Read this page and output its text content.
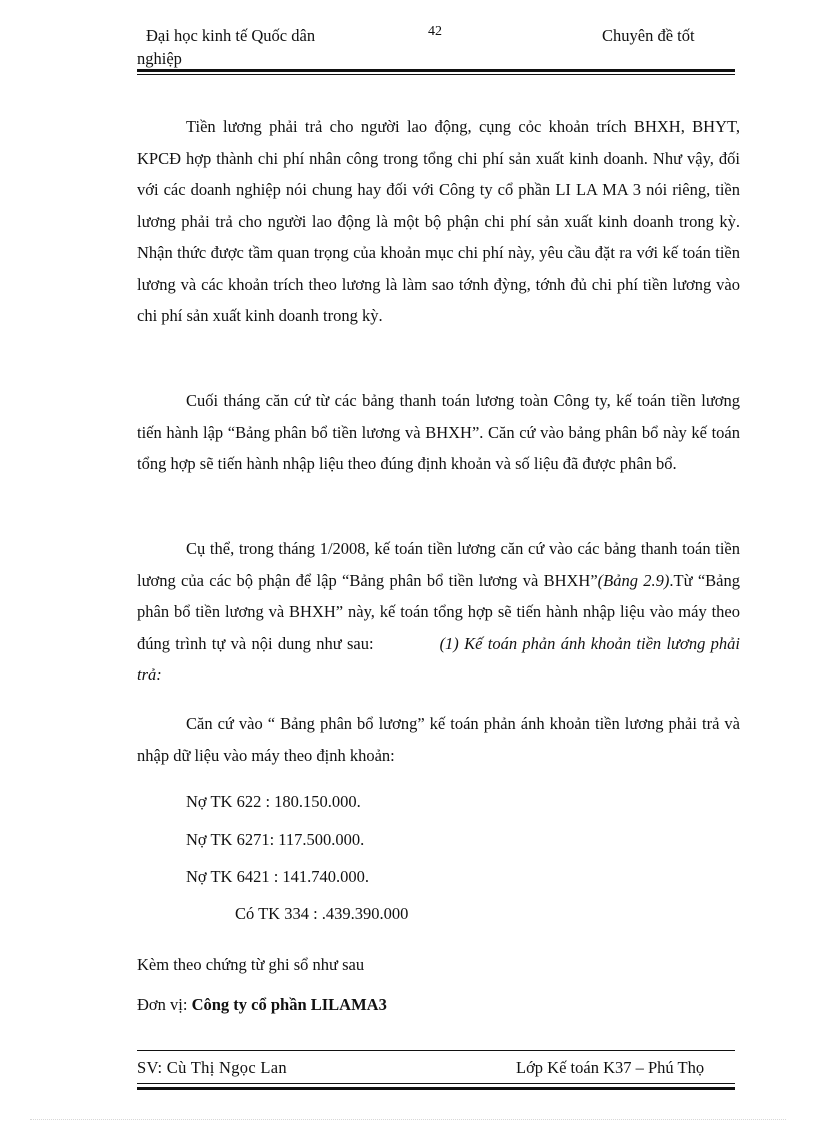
Đại học kinh tế Quốc dân
nghiệp
42	Chuyên đề tốt

Tiền lương phải trả cho người lao động, cụng cỏc khoản trích BHXH, BHYT, KPCĐ hợp thành chi phí nhân công trong tổng chi phí sản xuất kinh doanh. Như vậy, đối với các doanh nghiệp nói chung hay đối với Công ty cổ phần LI LA MA 3 nói riêng, tiền lương phải trả cho người lao động là một bộ phận chi phí sản xuất kinh doanh trong kỳ. Nhận thức được tầm quan trọng của khoản mục chi phí này, yêu cầu đặt ra với kế toán tiền lương và các khoản trích theo lương là làm sao tớnh đỳng, tớnh đủ chi phí tiền lương vào chi phí sản xuất kinh doanh trong kỳ.

Cuối tháng căn cứ từ các bảng thanh toán lương toàn Công ty, kế toán tiền lương tiến hành lập “Bảng phân bổ tiền lương và BHXH”. Căn cứ vào bảng phân bổ này kế toán tổng hợp sẽ tiến hành nhập liệu theo đúng định khoản và số liệu đã được phân bổ.

Cụ thể, trong tháng 1/2008, kế toán tiền lương căn cứ vào các bảng thanh toán tiền lương của các bộ phận để lập “Bảng phân bổ tiền lương và BHXH”(Bảng 2.9).Từ “Bảng phân bổ tiền lương và BHXH” này, kế toán tổng hợp sẽ tiến hành nhập liệu vào máy theo đúng trình tự và nội dung như sau:	(1) Kế toán phản ánh khoản tiền lương phải trả:

Căn cứ vào “ Bảng phân bổ lương” kế toán phản ánh khoản tiền lương phải trả và nhập dữ liệu vào máy theo định khoản:

Nợ TK 622 : 180.150.000.
Nợ TK 6271: 117.500.000.
Nợ TK 6421 : 141.740.000.
Có TK 334 : .439.390.000
Kèm theo chứng từ ghi sổ như sau
Đơn vị: Công ty cổ phần LILAMA3
SV: Cù Thị Ngọc Lan	Lớp Kế toán K37 – Phú Thọ
